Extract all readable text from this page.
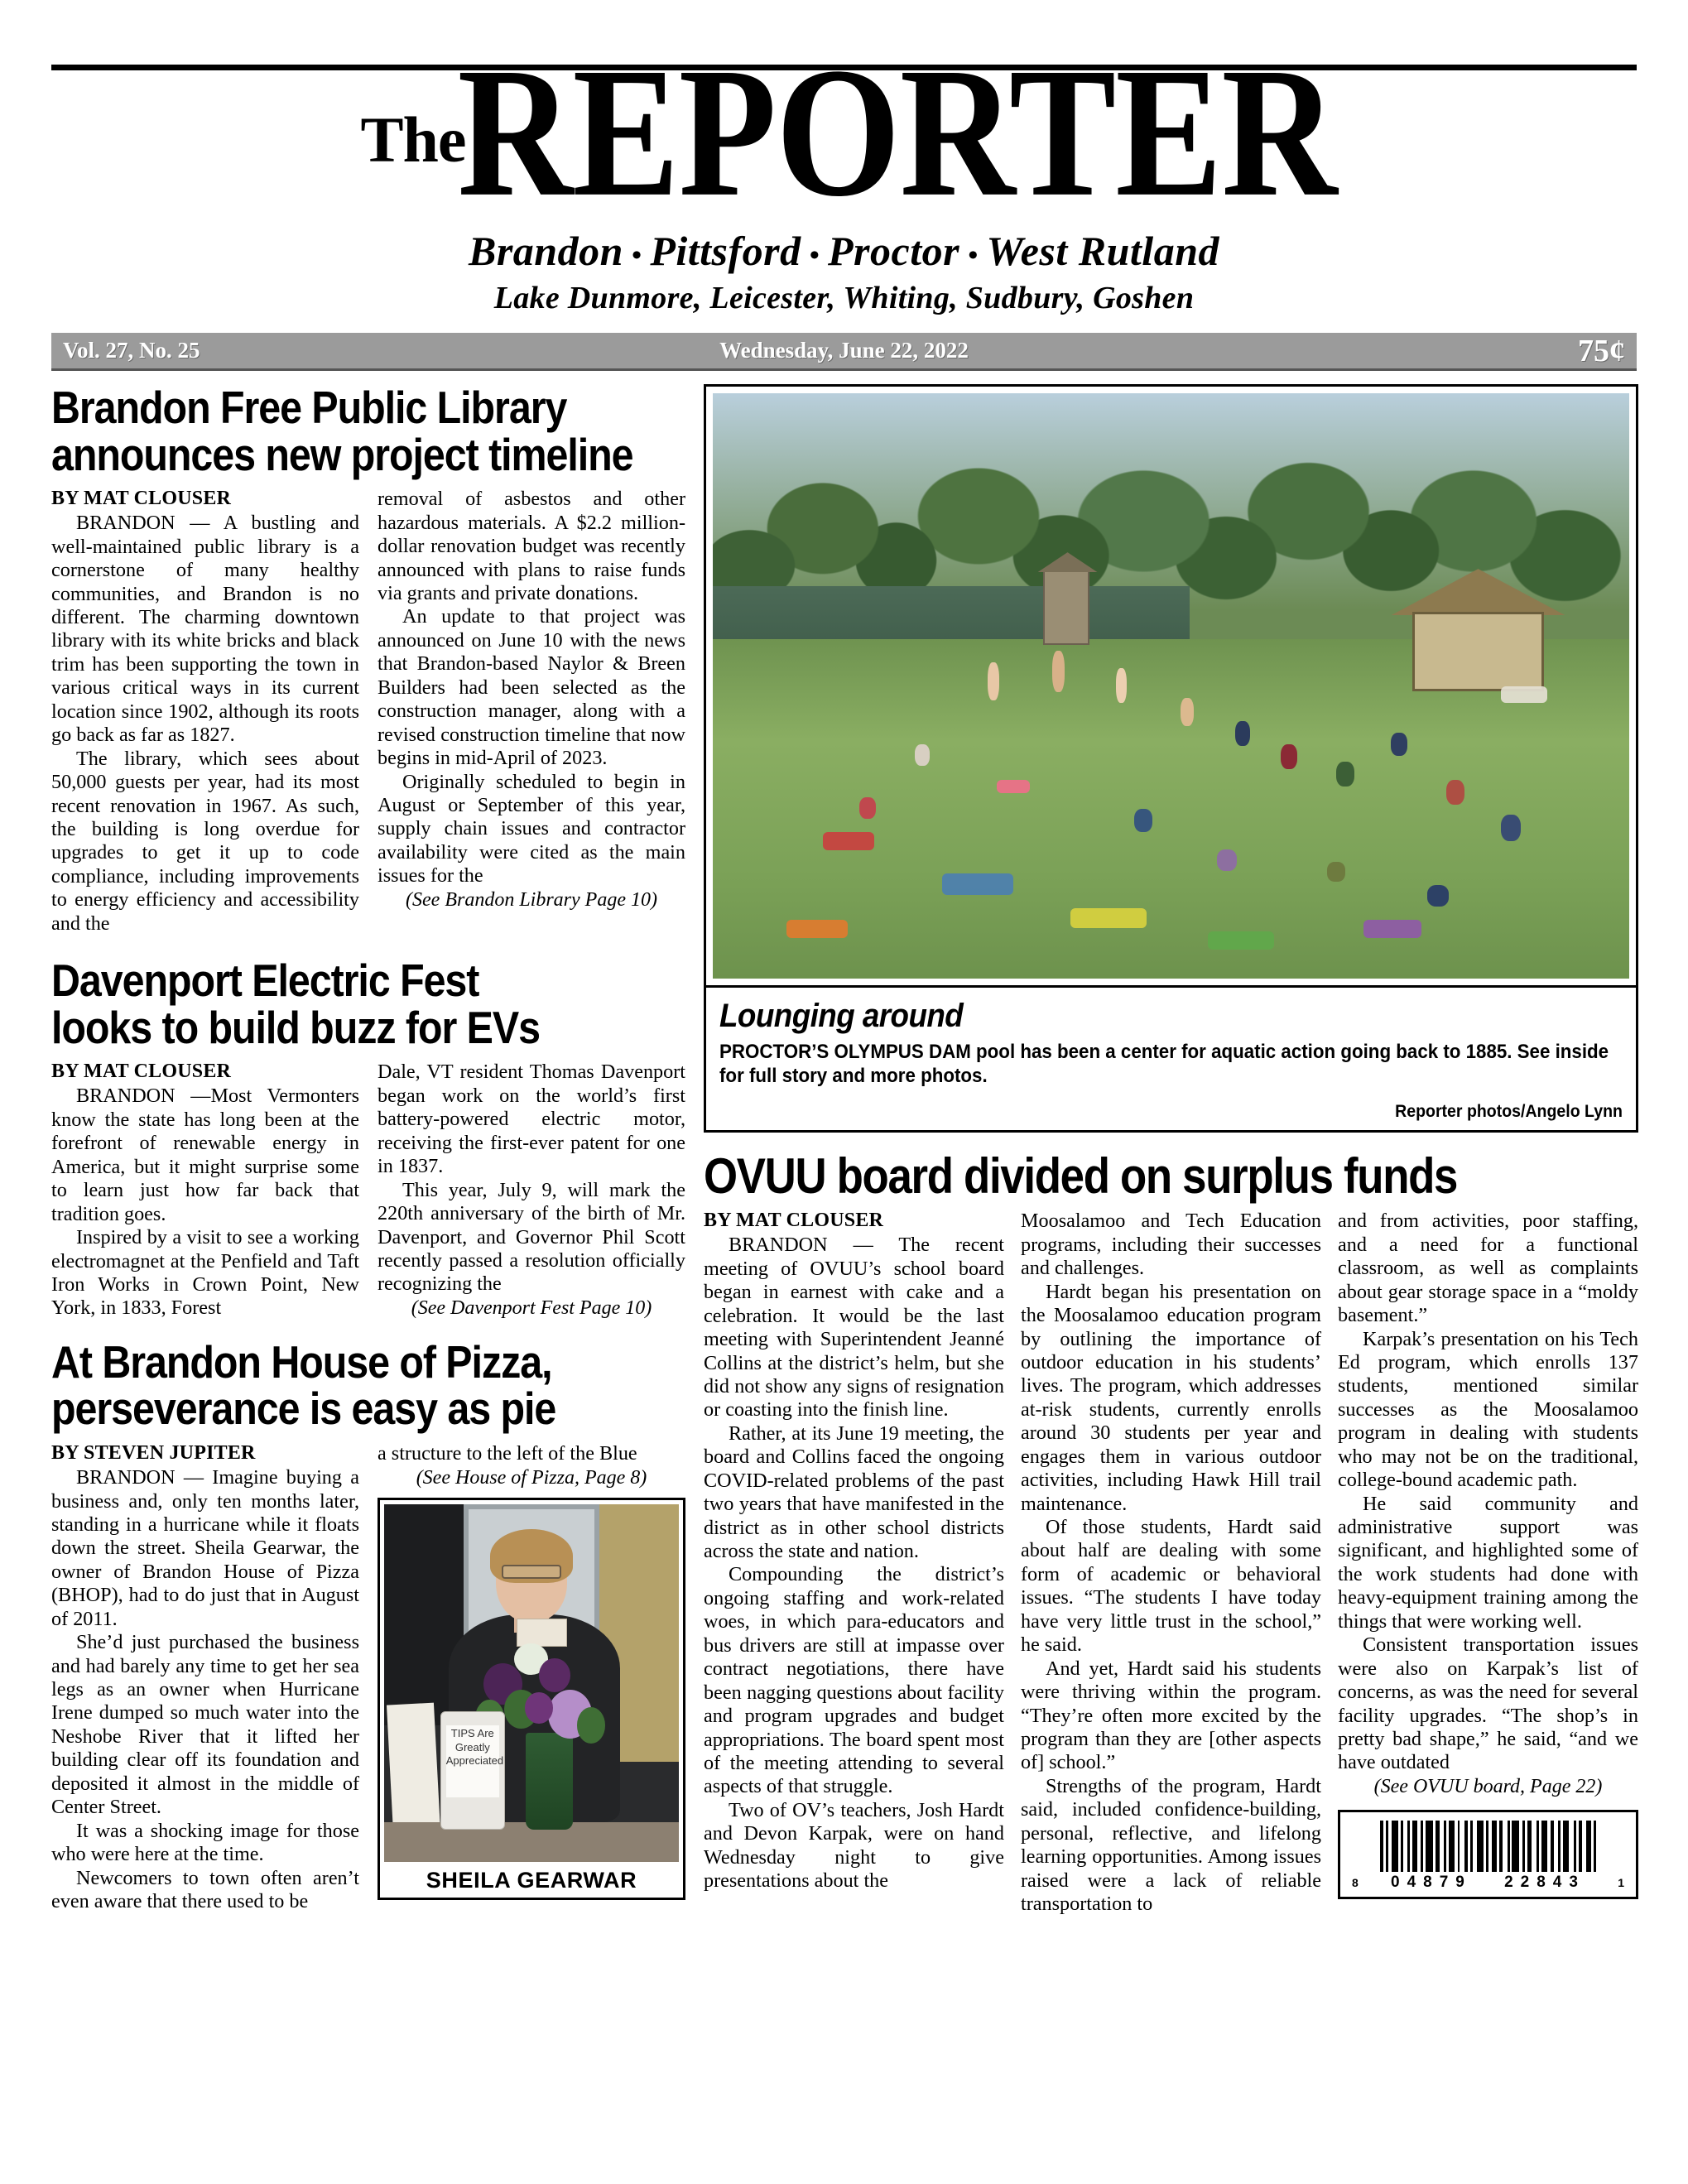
TheREPORTER
Brandon • Pittsford • Proctor • West Rutland
Lake Dunmore, Leicester, Whiting, Sudbury, Goshen
Vol. 27, No. 25	Wednesday, June 22, 2022	75¢
Brandon Free Public Library
announces new project timeline
BY MAT CLOUSER

BRANDON — A bustling and well-maintained public library is a cornerstone of many healthy communities, and Brandon is no different. The charming downtown library with its white bricks and black trim has been supporting the town in various critical ways in its current location since 1902, although its roots go back as far as 1827.

The library, which sees about 50,000 guests per year, had its most recent renovation in 1967. As such, the building is long overdue for upgrades to get it up to code compliance, including improvements to energy efficiency and accessibility and the

removal of asbestos and other hazardous materials. A $2.2 million-dollar renovation budget was recently announced with plans to raise funds via grants and private donations.

An update to that project was announced on June 10 with the news that Brandon-based Naylor & Breen Builders had been selected as the construction manager, along with a revised construction timeline that now begins in mid-April of 2023.

Originally scheduled to begin in August or September of this year, supply chain issues and contractor availability were cited as the main issues for the

(See Brandon Library Page 10)
Davenport Electric Fest
looks to build buzz for EVs
BY MAT CLOUSER

BRANDON —Most Vermonters know the state has long been at the forefront of renewable energy in America, but it might surprise some to learn just how far back that tradition goes.

Inspired by a visit to see a working electromagnet at the Penfield and Taft Iron Works in Crown Point, New York, in 1833, Forest

Dale, VT resident Thomas Davenport began work on the world’s first battery-powered electric motor, receiving the first-ever patent for one in 1837.

This year, July 9, will mark the 220th anniversary of the birth of Mr. Davenport, and Governor Phil Scott recently passed a resolution officially recognizing the

(See Davenport Fest Page 10)
At Brandon House of Pizza,
perseverance is easy as pie
BY STEVEN JUPITER

BRANDON — Imagine buying a business and, only ten months later, standing in a hurricane while it floats down the street. Sheila Gearwar, the owner of Brandon House of Pizza (BHOP), had to do just that in August of 2011.

She’d just purchased the business and had barely any time to get her sea legs as an owner when Hurricane Irene dumped so much water into the Neshobe River that it lifted her building clear off its foundation and deposited it almost in the middle of Center Street.

It was a shocking image for those who were here at the time.

Newcomers to town often aren’t even aware that there used to be

a structure to the left of the Blue

(See House of Pizza, Page 8)
TIPS Are Greatly Appreciated
SHEILA GEARWAR
Lounging around
PROCTOR’S OLYMPUS DAM pool has been a center for aquatic action going back to 1885. See inside for full story and more photos.
Reporter photos/Angelo Lynn
OVUU board divided on surplus funds
BY MAT CLOUSER

BRANDON — The recent meeting of OVUU’s school board began in earnest with cake and a celebration. It would be the last meeting with Superintendent Jeanné Collins at the district’s helm, but she did not show any signs of resignation or coasting into the finish line.

Rather, at its June 19 meeting, the board and Collins faced the ongoing COVID-related problems of the past two years that have manifested in the district as in other school districts across the state and nation.

Compounding the district’s ongoing staffing and work-related woes, in which para-educators and bus drivers are still at impasse over contract negotiations, there have been nagging questions about facility and program upgrades and budget appropriations. The board spent most of the meeting attending to several aspects of that struggle.

Two of OV’s teachers, Josh Hardt and Devon Karpak, were on hand Wednesday night to give presentations about the

Moosalamoo and Tech Education programs, including their successes and challenges.

Hardt began his presentation on the Moosalamoo education program by outlining the importance of outdoor education in his students’ lives. The program, which addresses at-risk students, currently enrolls around 30 students per year and engages them in various outdoor activities, including Hawk Hill trail maintenance.

Of those students, Hardt said about half are dealing with some form of academic or behavioral issues. “The students I have today have very little trust in the school,” he said.

And yet, Hardt said his students were thriving within the program. “They’re often more excited by the program than they are [other aspects of] school.”

Strengths of the program, Hardt said, included confidence-building, personal, reflective, and lifelong learning opportunities. Among issues raised were a lack of reliable transportation to

and from activities, poor staffing, and a need for a functional classroom, as well as complaints about gear storage space in a “moldy basement.”

Karpak’s presentation on his Tech Ed program, which enrolls 137 students, mentioned similar successes as the Moosalamoo program in dealing with students who may not be on the traditional, college-bound academic path.

He said community and administrative support was significant, and highlighted some of the work students had done with heavy-equipment training among the things that were working well.

Consistent transportation issues were also on Karpak’s list of concerns, as was the need for several facility upgrades. “The shop’s in pretty bad shape,” he said, “and we have outdated

(See OVUU board, Page 22)
8 04879 22843	1
